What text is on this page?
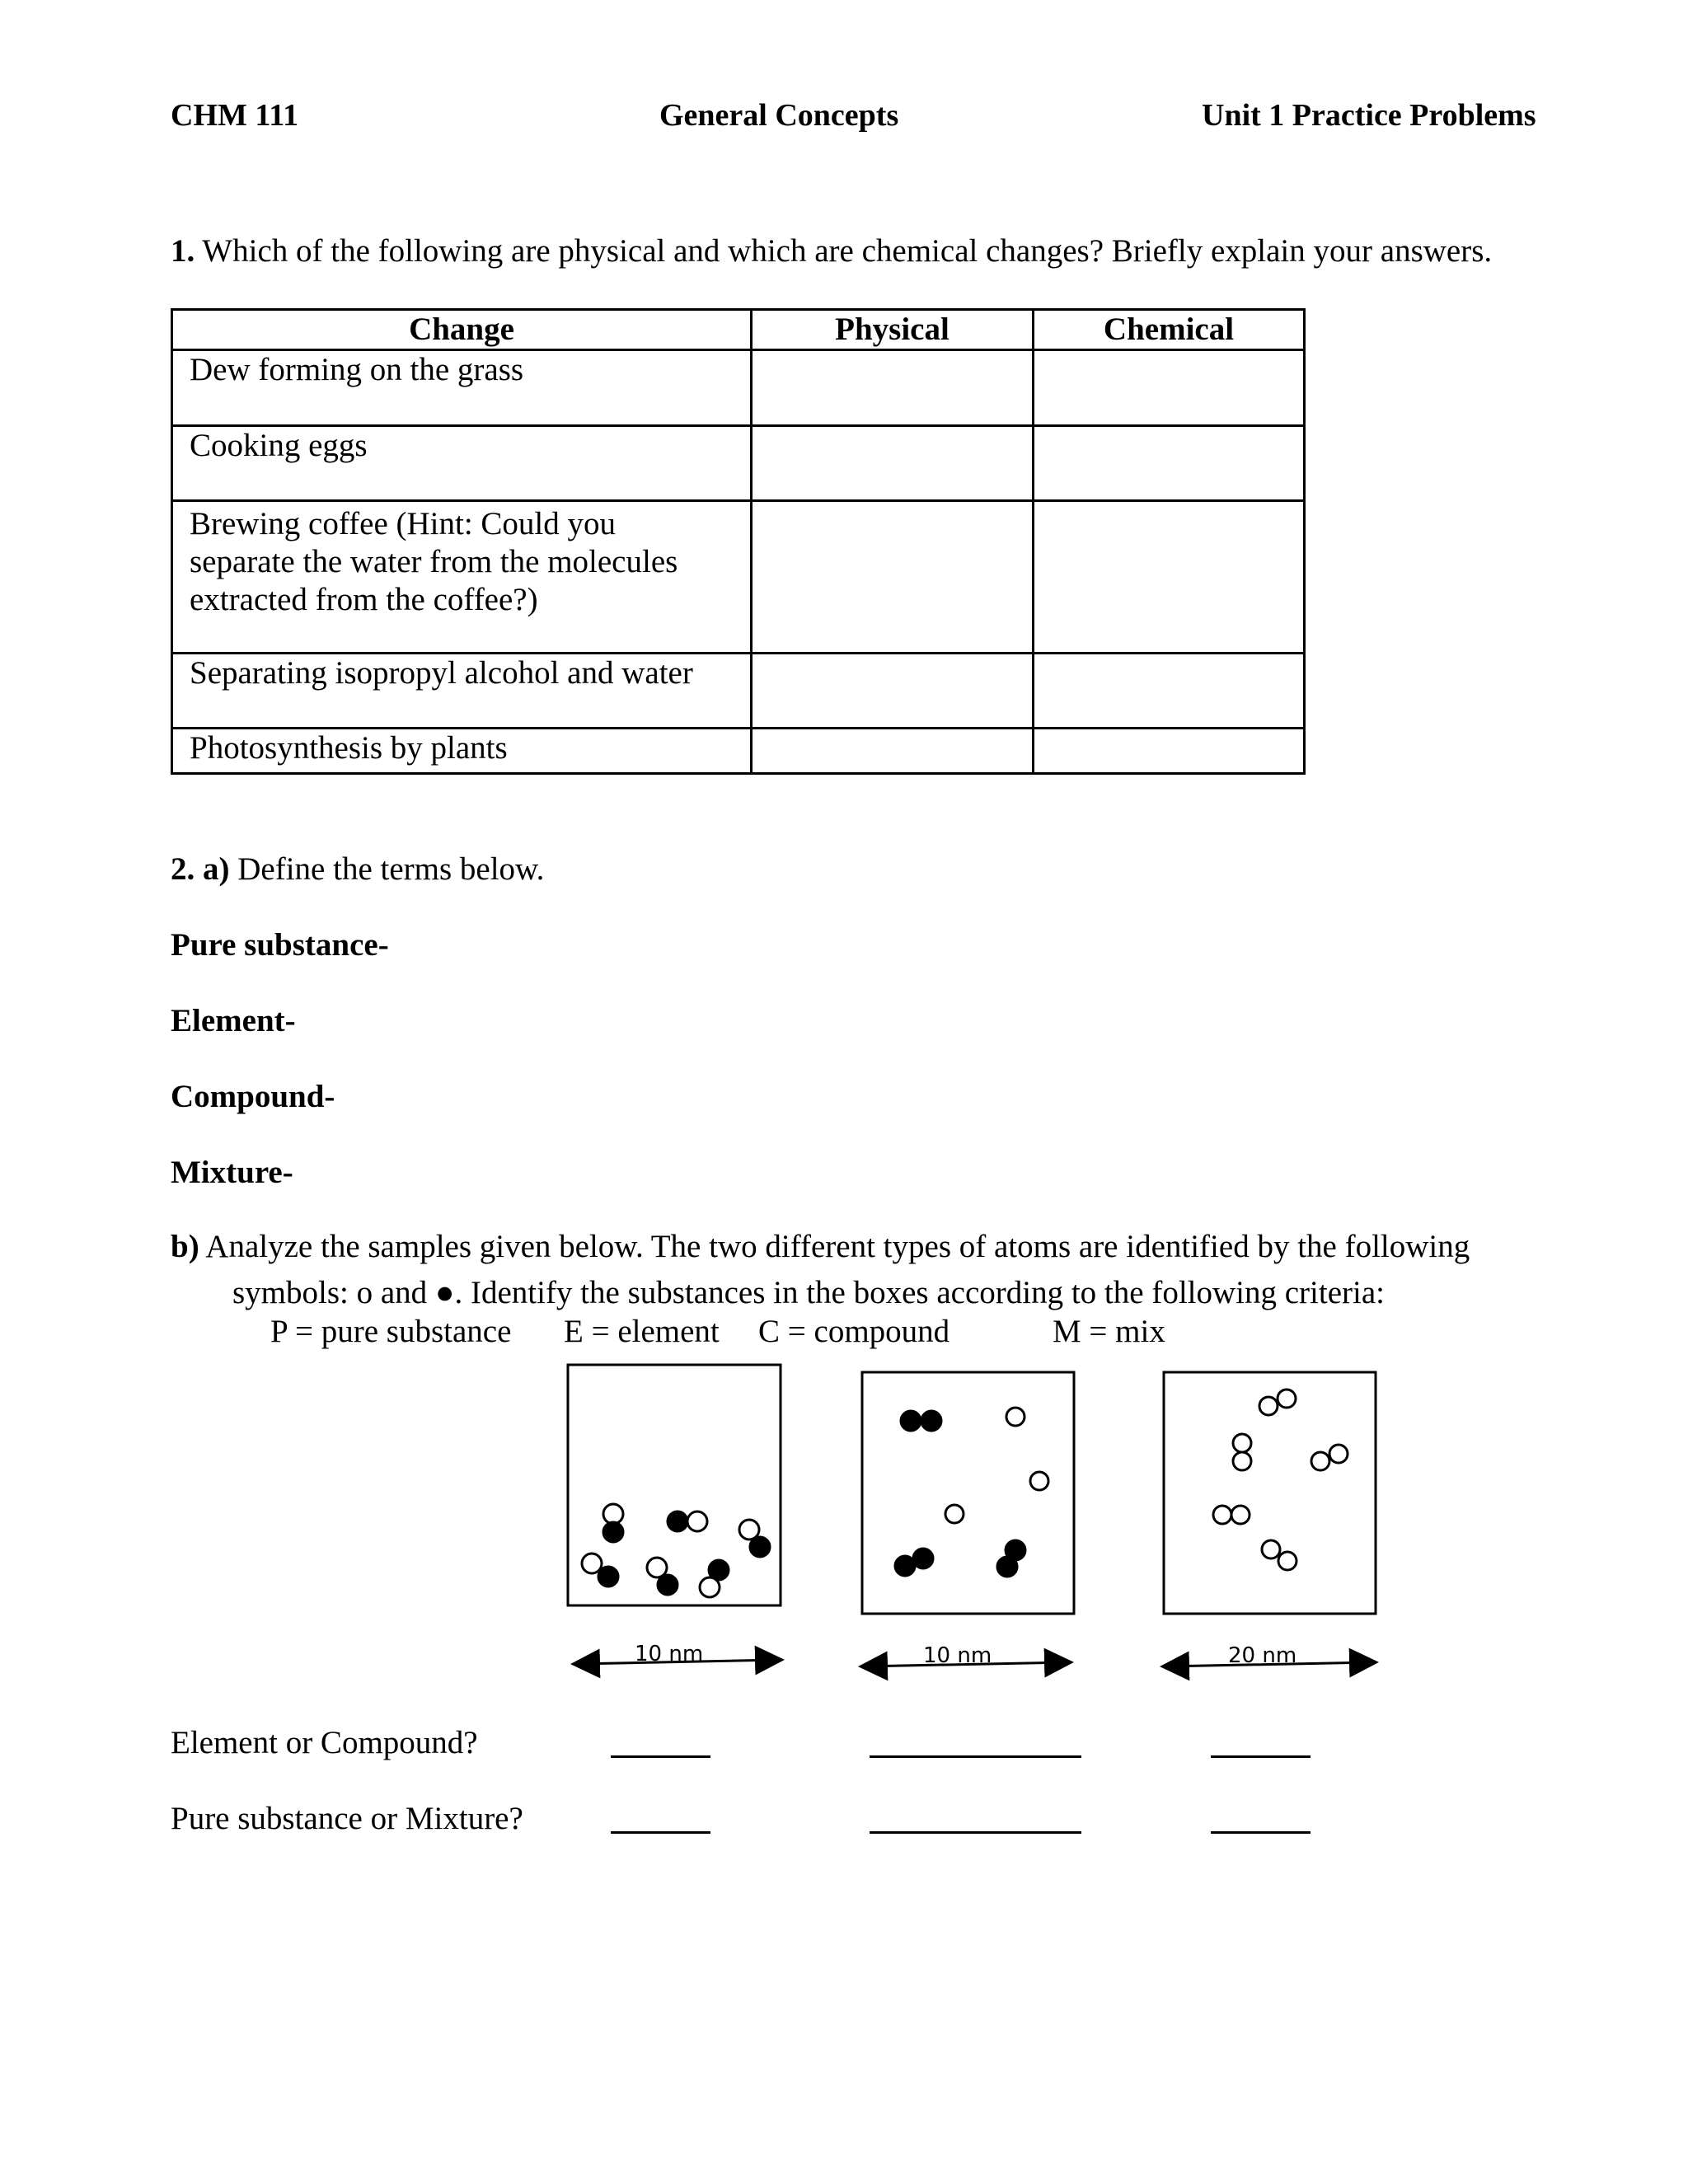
CHM 111	General Concepts	Unit 1 Practice Problems
1. Which of the following are physical and which are chemical changes? Briefly explain your answers.
Change	Physical	Chemical
Dew forming on the grass		
Cooking eggs		
Brewing coffee (Hint: Could you separate the water from the molecules extracted from the coffee?)		
Separating isopropyl alcohol and water		
Photosynthesis by plants		
2. a) Define the terms below.
Pure substance-
Element-
Compound-
Mixture-
b) Analyze the samples given below. The two different types of atoms are identified by the following
symbols: o and ●. Identify the substances in the boxes according to the following criteria:
P = pure substance E = element C = compound	M = mix
10 nm	10 nm	20 nm
Element or Compound?
Pure substance or Mixture?
